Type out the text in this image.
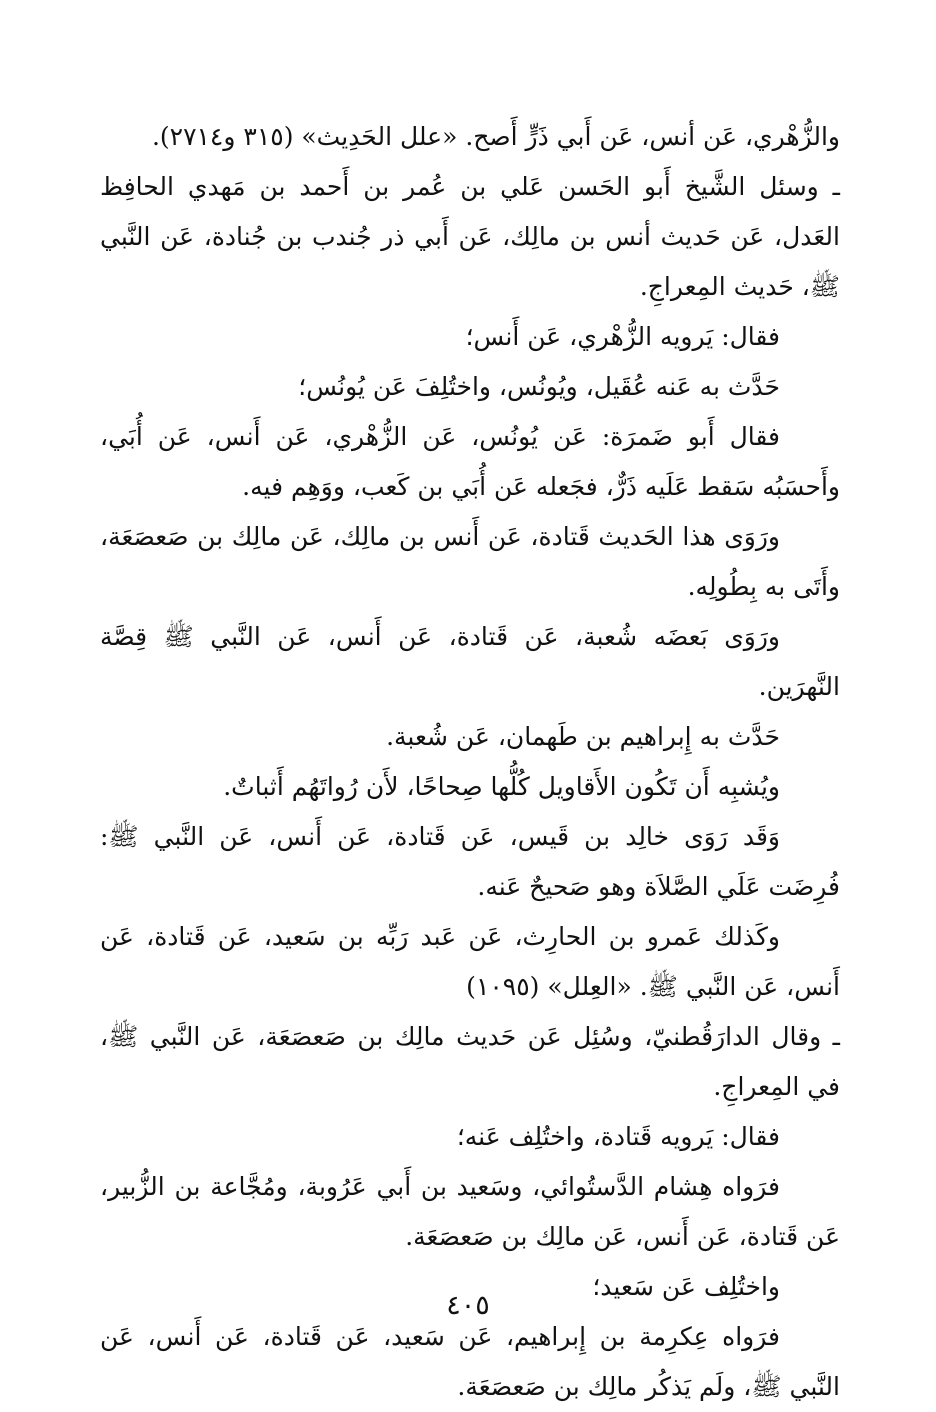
والزُّهْري، عَن أنس، عَن أَبي ذَرٍّ أَصح. «علل الحَدِيث» (٣١٥ و٢٧١٤).

ـ وسئل الشَّيخ أَبو الحَسن عَلي بن عُمر بن أَحمد بن مَهدي الحافِظ العَدل، عَن حَديث أنس بن مالِك، عَن أَبي ذر جُندب بن جُنادة، عَن النَّبي ﷺ، حَديث المِعراجِ.

فقال: يَرويه الزُّهْري، عَن أَنس؛

حَدَّث به عَنه عُقَيل، ويُونُس، واختُلِفَ عَن يُونُس؛

فقال أَبو ضَمرَة: عَن يُونُس، عَن الزُّهْري، عَن أَنس، عَن أُبَي، وأَحسَبُه سَقط عَلَيه ذَرٌّ، فجَعله عَن أُبَي بن كَعب، ووَهِم فيه.

ورَوَى هذا الحَديث قَتادة، عَن أَنس بن مالِك، عَن مالِك بن صَعصَعَة، وأَتَى به بِطُولِه.

ورَوَى بَعضَه شُعبة، عَن قَتادة، عَن أَنس، عَن النَّبي ﷺ قِصَّة النَّهرَين.

حَدَّث به إِبراهيم بن طَهمان، عَن شُعبة.

ويُشبِه أَن تَكُون الأَقاويل كُلُّها صِحاحًا، لأَن رُواتَهُم أَثباتٌ.

وَقَد رَوَى خالِد بن قَيس، عَن قَتادة، عَن أَنس، عَن النَّبي ﷺ: فُرِضَت عَلَي الصَّلاَة وهو صَحيحٌ عَنه.

وكَذلك عَمرو بن الحارِث، عَن عَبد رَبِّه بن سَعيد، عَن قَتادة، عَن أَنس، عَن النَّبي ﷺ. «العِلل» (١٠٩٥)

ـ وقال الدارَقُطنيّ، وسُئِل عَن حَديث مالِك بن صَعصَعَة، عَن النَّبي ﷺ، في المِعراجِ.

فقال: يَرويه قَتادة، واختُلِف عَنه؛

فرَواه هِشام الدَّستُوائي، وسَعيد بن أَبي عَرُوبة، ومُجَّاعة بن الزُّبير، عَن قَتادة، عَن أَنس، عَن مالِك بن صَعصَعَة.

واختُلِف عَن سَعيد؛

فرَواه عِكرِمة بن إِبراهيم، عَن سَعيد، عَن قَتادة، عَن أَنس، عَن النَّبي ﷺ، ولَم يَذكُر مالِك بن صَعصَعَة.

٤٠٥
